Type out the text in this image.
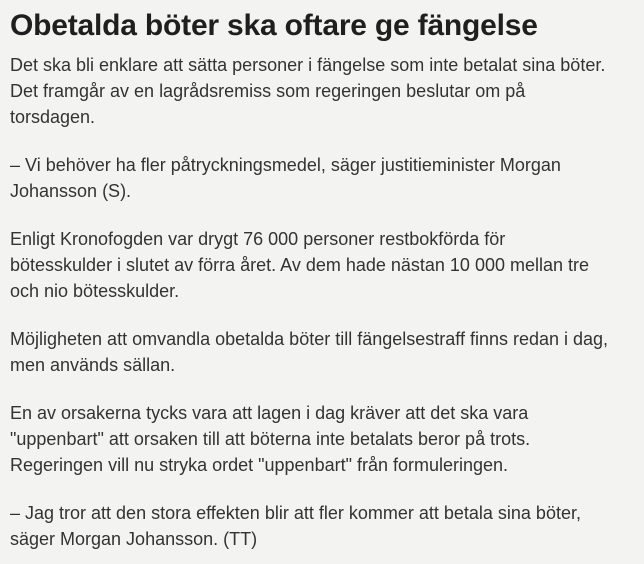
Obetalda böter ska oftare ge fängelse

Det ska bli enklare att sätta personer i fängelse som inte betalat sina böter. Det framgår av en lagrådsremiss som regeringen beslutar om på torsdagen.

– Vi behöver ha fler påtryckningsmedel, säger justitieminister Morgan Johansson (S).

Enligt Kronofogden var drygt 76 000 personer restbokförda för bötesskulder i slutet av förra året. Av dem hade nästan 10 000 mellan tre och nio bötesskulder.

Möjligheten att omvandla obetalda böter till fängelsestraff finns redan i dag, men används sällan.

En av orsakerna tycks vara att lagen i dag kräver att det ska vara "uppenbart" att orsaken till att böterna inte betalats beror på trots. Regeringen vill nu stryka ordet "uppenbart" från formuleringen.

– Jag tror att den stora effekten blir att fler kommer att betala sina böter, säger Morgan Johansson. (TT)
